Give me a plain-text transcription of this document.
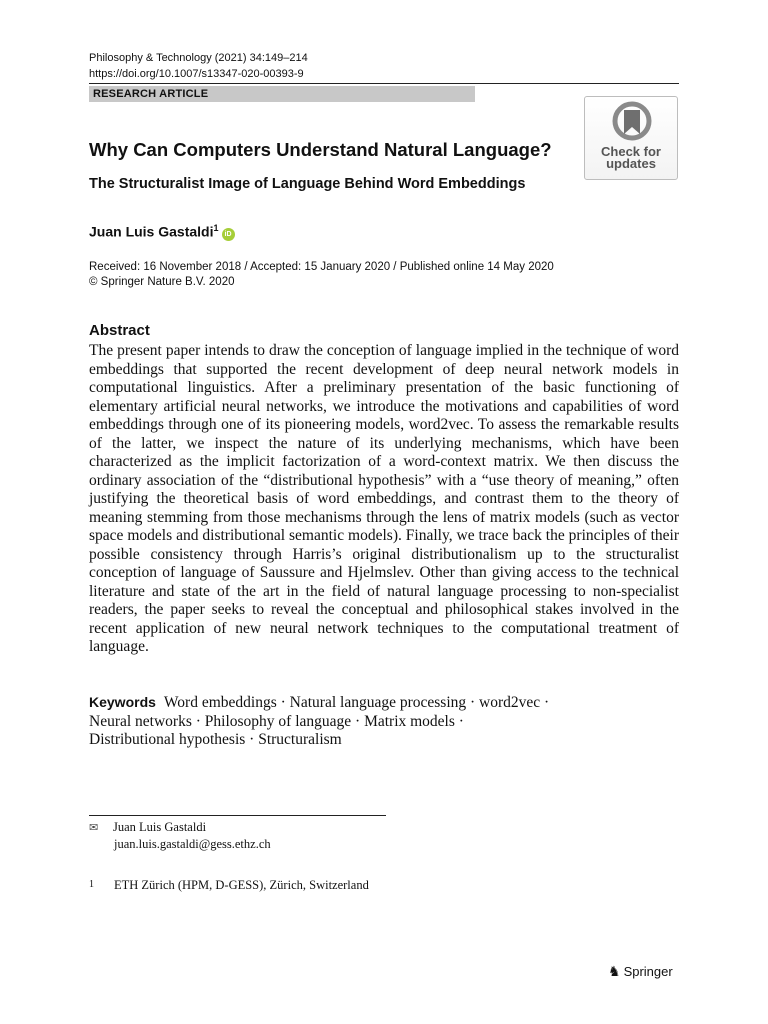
Philosophy & Technology (2021) 34:149–214
https://doi.org/10.1007/s13347-020-00393-9
RESEARCH ARTICLE
Check for
updates
Why Can Computers Understand Natural Language?
The Structuralist Image of Language Behind Word Embeddings
Juan Luis Gastaldi$^1$iD
Received: 16 November 2018 / Accepted: 15 January 2020 / Published online 14 May 2020
© Springer Nature B.V. 2020
Abstract
The present paper intends to draw the conception of language implied in the technique of word embeddings that supported the recent development of deep neural network models in computational linguistics. After a preliminary presentation of the basic functioning of elementary artificial neural networks, we introduce the motivations and capabilities of word embeddings through one of its pioneering models, word2vec. To assess the remarkable results of the latter, we inspect the nature of its underlying mechanisms, which have been characterized as the implicit factorization of a word-context matrix. We then discuss the ordinary association of the “distributional hypothesis” with a “use theory of meaning,” often justifying the theoretical basis of word embeddings, and contrast them to the theory of meaning stemming from those mechanisms through the lens of matrix models (such as vector space models and distributional semantic models). Finally, we trace back the principles of their possible consistency through Harris’s original distributionalism up to the structuralist conception of language of Saussure and Hjelmslev. Other than giving access to the technical literature and state of the art in the field of natural language processing to non-specialist readers, the paper seeks to reveal the conceptual and philosophical stakes involved in the recent application of new neural network techniques to the computational treatment of language.
Keywords Word embeddings · Natural language processing · word2vec ·
Neural networks · Philosophy of language · Matrix models ·
Distributional hypothesis · Structuralism
✉ Juan Luis Gastaldi
juan.luis.gastaldi@gess.ethz.ch
1 ETH Zürich (HPM, D-GESS), Zürich, Switzerland
♞ Springer
